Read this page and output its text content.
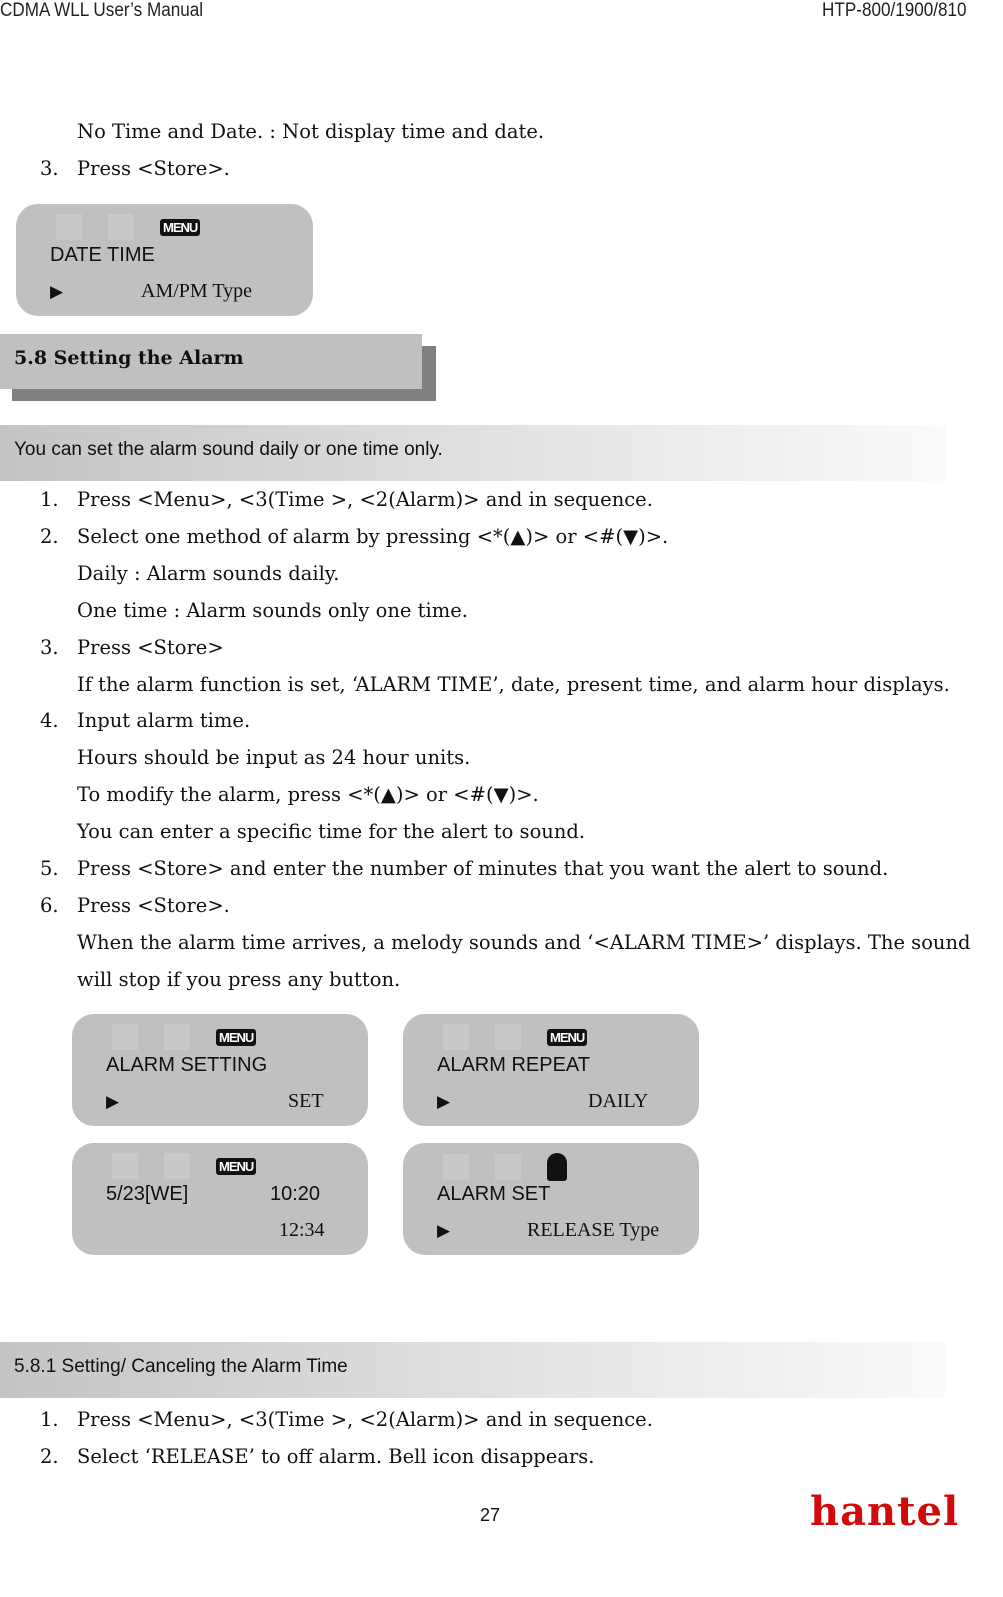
CDMA WLL User’s Manual	HTP-800/1900/810
No Time and Date. : Not display time and date.
3. Press <Store>.
MENU
DATE TIME
▶	AM/PM Type
5.8 Setting the Alarm
You can set the alarm sound daily or one time only.
1. Press <Menu>, <3(Time >, <2(Alarm)> and in sequence.
2. Select one method of alarm by pressing <*(▲)> or <#(▼)>.
Daily : Alarm sounds daily.
One time : Alarm sounds only one time.
3. Press <Store>
If the alarm function is set, ‘ALARM TIME’, date, present time, and alarm hour displays.
4. Input alarm time.
Hours should be input as 24 hour units.
To modify the alarm, press <*(▲)> or <#(▼)>.
You can enter a specific time for the alert to sound.
5. Press <Store> and enter the number of minutes that you want the alert to sound.
6. Press <Store>.
When the alarm time arrives, a melody sounds and ‘<ALARM TIME>’ displays. The sound
will stop if you press any button.
MENU
ALARM SETTING
▶	SET
MENU
ALARM REPEAT
▶	DAILY
MENU
5/23[WE]	10:20
12:34
ALARM SET
▶	RELEASE Type
5.8.1 Setting/ Canceling the Alarm Time
1. Press <Menu>, <3(Time >, <2(Alarm)> and in sequence.
2. Select ‘RELEASE’ to off alarm. Bell icon disappears.
27	hantel
